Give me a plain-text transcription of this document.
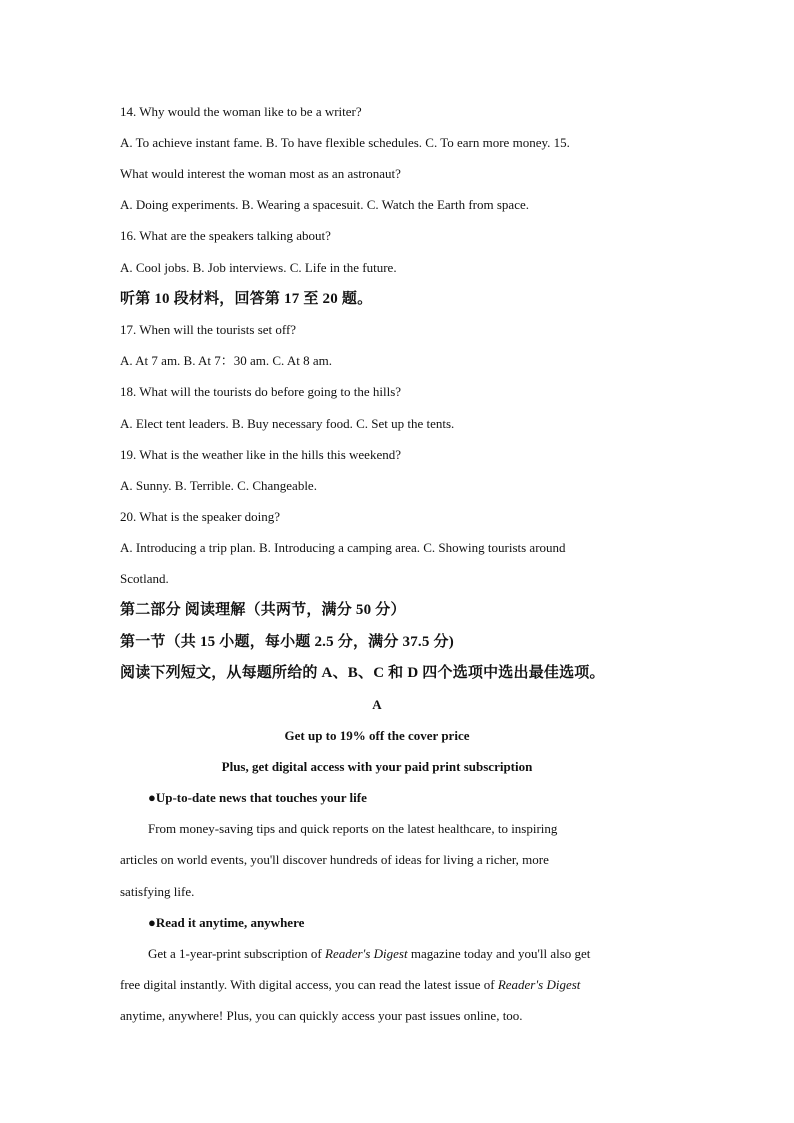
14. Why would the woman like to be a writer?
A. To achieve instant fame. B. To have flexible schedules. C. To earn more money. 15.
What would interest the woman most as an astronaut?
A. Doing experiments. B. Wearing a spacesuit. C. Watch the Earth from space.
16. What are the speakers talking about?
A. Cool jobs. B. Job interviews. C. Life in the future.
听第 10 段材料，回答第 17 至 20 题。
17. When will the tourists set off?
A. At 7 am. B. At 7：30 am. C. At 8 am.
18. What will the tourists do before going to the hills?
A. Elect tent leaders. B. Buy necessary food. C. Set up the tents.
19. What is the weather like in the hills this weekend?
A. Sunny. B. Terrible. C. Changeable.
20. What is the speaker doing?
A. Introducing a trip plan. B. Introducing a camping area. C. Showing tourists around
Scotland.
第二部分 阅读理解（共两节，满分 50 分）
第一节（共 15 小题，每小题 2.5 分，满分 37.5 分)
阅读下列短文，从每题所给的 A、B、C 和 D 四个选项中选出最佳选项。
A
Get up to 19% off the cover price
Plus, get digital access with your paid print subscription
●Up-to-date news that touches your life
From money-saving tips and quick reports on the latest healthcare, to inspiring
articles on world events, you'll discover hundreds of ideas for living a richer, more
satisfying life.
●Read it anytime, anywhere
Get a 1-year-print subscription of Reader's Digest magazine today and you'll also get
free digital instantly. With digital access, you can read the latest issue of Reader's Digest
anytime, anywhere! Plus, you can quickly access your past issues online, too.
